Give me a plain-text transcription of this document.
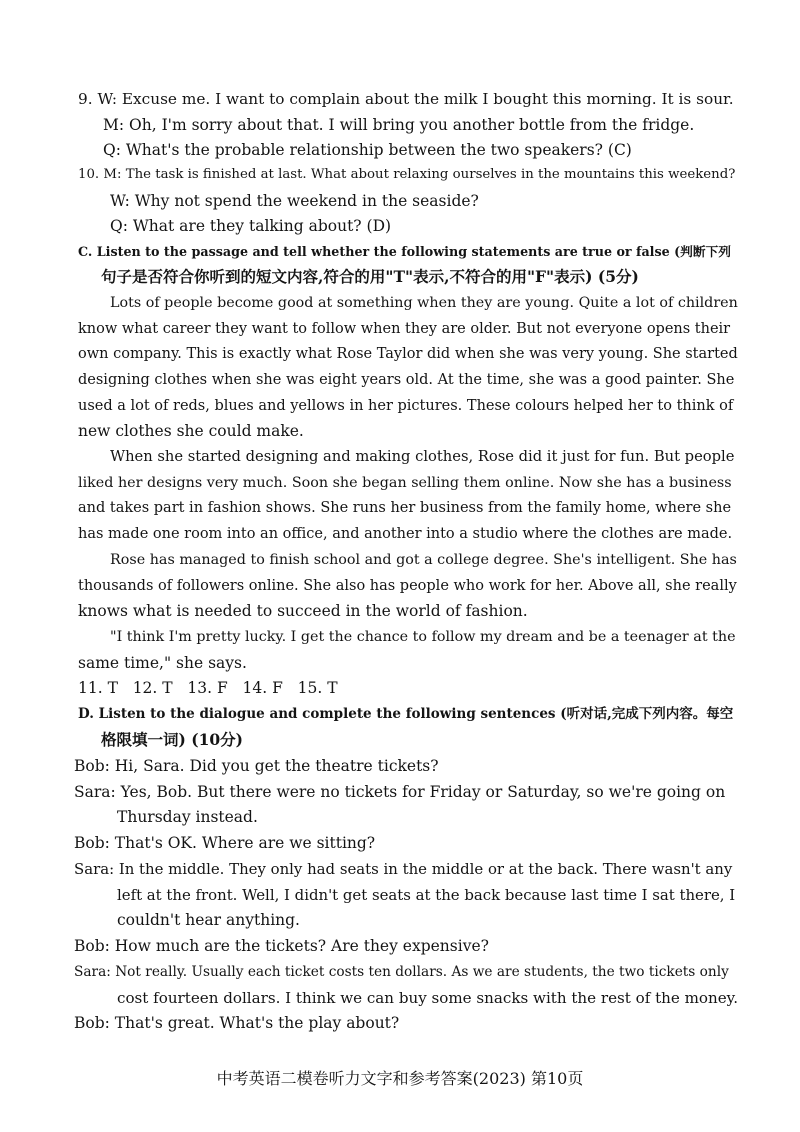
9. W: Excuse me. I want to complain about the milk I bought this morning. It is sour.
M: Oh, I'm sorry about that. I will bring you another bottle from the fridge.
Q: What's the probable relationship between the two speakers? (C)
10. M: The task is finished at last. What about relaxing ourselves in the mountains this weekend?
W: Why not spend the weekend in the seaside?
Q: What are they talking about? (D)
C. Listen to the passage and tell whether the following statements are true or false (判断下列
句子是否符合你听到的短文内容,符合的用"T"表示,不符合的用"F"表示) (5分)
Lots of people become good at something when they are young. Quite a lot of children
know what career they want to follow when they are older. But not everyone opens their
own company. This is exactly what Rose Taylor did when she was very young. She started
designing clothes when she was eight years old. At the time, she was a good painter. She
used a lot of reds, blues and yellows in her pictures. These colours helped her to think of
new clothes she could make.
When she started designing and making clothes, Rose did it just for fun. But people
liked her designs very much. Soon she began selling them online. Now she has a business
and takes part in fashion shows. She runs her business from the family home, where she
has made one room into an office, and another into a studio where the clothes are made.
Rose has managed to finish school and got a college degree. She's intelligent. She has
thousands of followers online. She also has people who work for her. Above all, she really
knows what is needed to succeed in the world of fashion.
"I think I'm pretty lucky. I get the chance to follow my dream and be a teenager at the
same time," she says.
11. T   12. T   13. F   14. F   15. T
D. Listen to the dialogue and complete the following sentences (听对话,完成下列内容。每空
格限填一词) (10分)
Bob: Hi, Sara. Did you get the theatre tickets?
Sara: Yes, Bob. But there were no tickets for Friday or Saturday, so we're going on
Thursday instead.
Bob: That's OK. Where are we sitting?
Sara: In the middle. They only had seats in the middle or at the back. There wasn't any
left at the front. Well, I didn't get seats at the back because last time I sat there, I
couldn't hear anything.
Bob: How much are the tickets? Are they expensive?
Sara: Not really. Usually each ticket costs ten dollars. As we are students, the two tickets only
cost fourteen dollars. I think we can buy some snacks with the rest of the money.
Bob: That's great. What's the play about?
中考英语二模卷听力文字和参考答案(2023) 第10页
